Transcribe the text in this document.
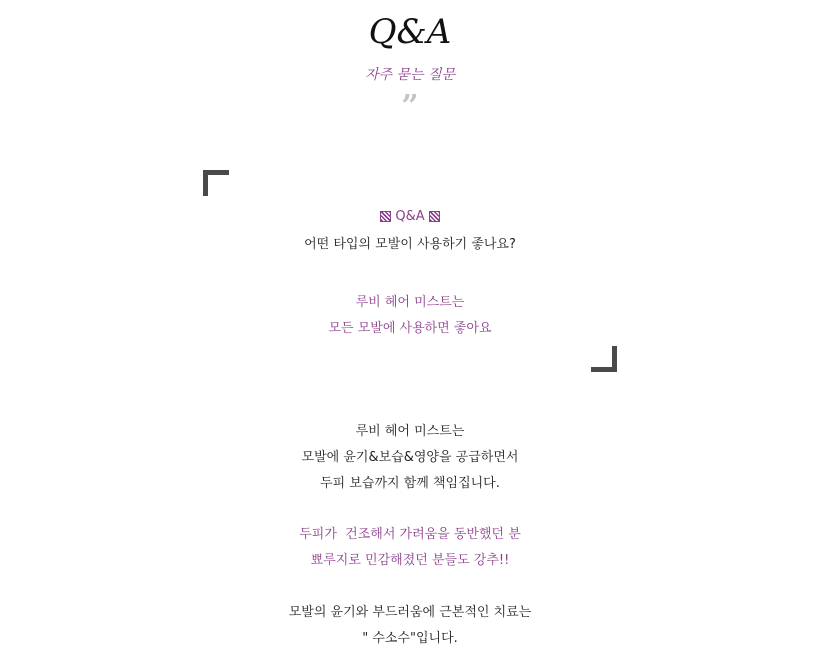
Q&A
자주 묻는 질문
”
Q&A
어떤 타입의 모발이 사용하기 좋나요?
루비 헤어 미스트는
모든 모발에 사용하면 좋아요
루비 헤어 미스트는
모발에 윤기&보습&영양을 공급하면서
두피 보습까지 함께 책임집니다.
두피가  건조해서 가려움을 동반했던 분
뾰루지로 민감해졌던 분들도 강추!!
모발의 윤기와 부드러움에 근본적인 치료는
" 수소수"입니다.
